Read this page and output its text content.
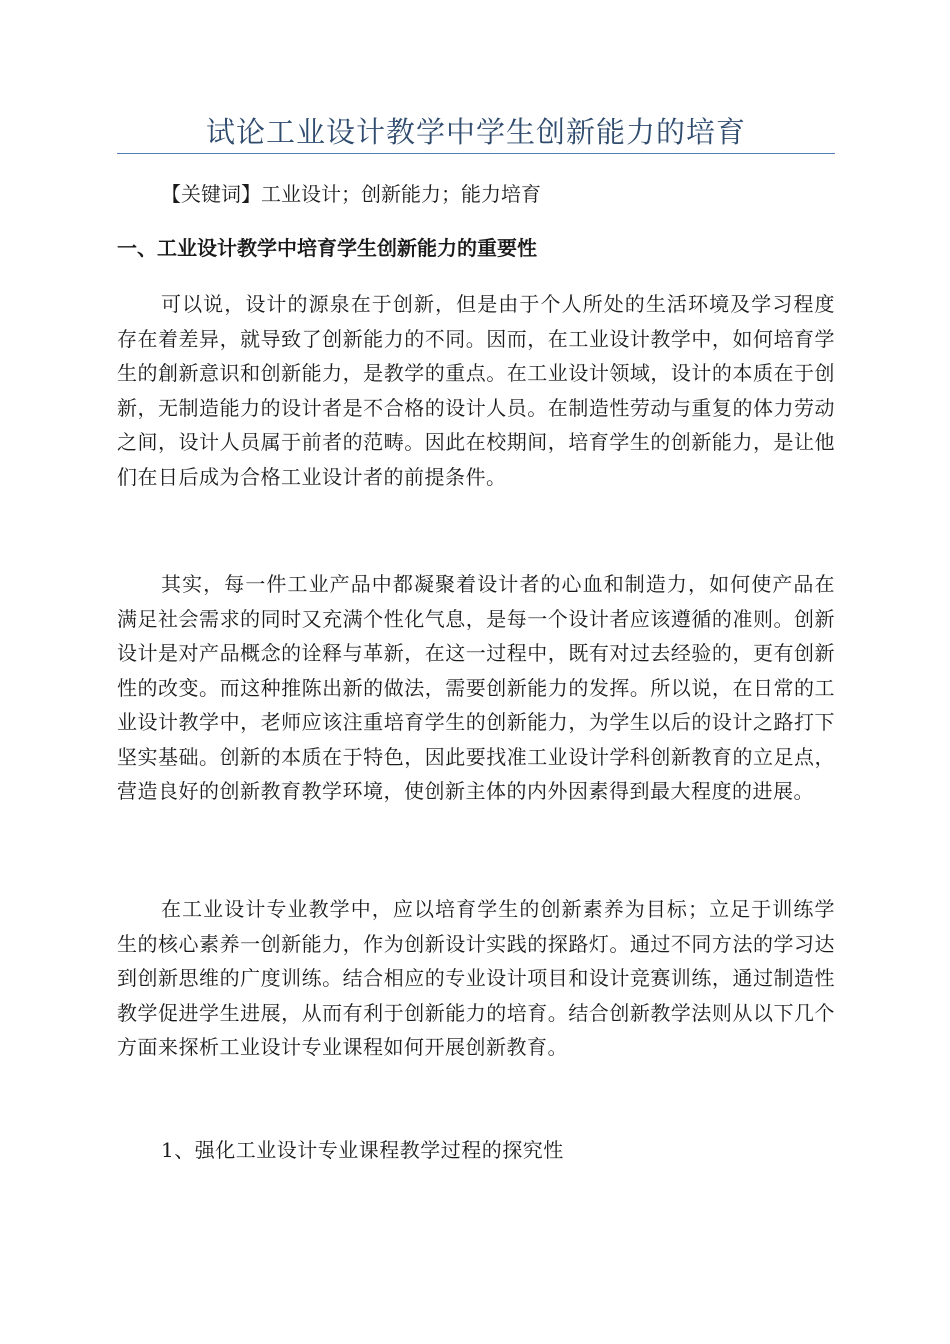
试论工业设计教学中学生创新能力的培育

【关键词】工业设计；创新能力；能力培育

一、工业设计教学中培育学生创新能力的重要性

可以说，设计的源泉在于创新，但是由于个人所处的生活环境及学习程度存在着差异，就导致了创新能力的不同。因而，在工业设计教学中，如何培育学生的創新意识和创新能力，是教学的重点。在工业设计领域，设计的本质在于创新，无制造能力的设计者是不合格的设计人员。在制造性劳动与重复的体力劳动之间，设计人员属于前者的范畴。因此在校期间，培育学生的创新能力，是让他们在日后成为合格工业设计者的前提条件。

其实，每一件工业产品中都凝聚着设计者的心血和制造力，如何使产品在满足社会需求的同时又充满个性化气息，是每一个设计者应该遵循的准则。创新设计是对产品概念的诠释与革新，在这一过程中，既有对过去经验的，更有创新性的改变。而这种推陈出新的做法，需要创新能力的发挥。所以说，在日常的工业设计教学中，老师应该注重培育学生的创新能力，为学生以后的设计之路打下坚实基础。创新的本质在于特色，因此要找准工业设计学科创新教育的立足点，营造良好的创新教育教学环境，使创新主体的内外因素得到最大程度的进展。

在工业设计专业教学中，应以培育学生的创新素养为目标；立足于训练学生的核心素养一创新能力，作为创新设计实践的探路灯。通过不同方法的学习达到创新思维的广度训练。结合相应的专业设计项目和设计竞赛训练，通过制造性教学促进学生进展，从而有利于创新能力的培育。结合创新教学法则从以下几个方面来探析工业设计专业课程如何开展创新教育。

1、强化工业设计专业课程教学过程的探究性
